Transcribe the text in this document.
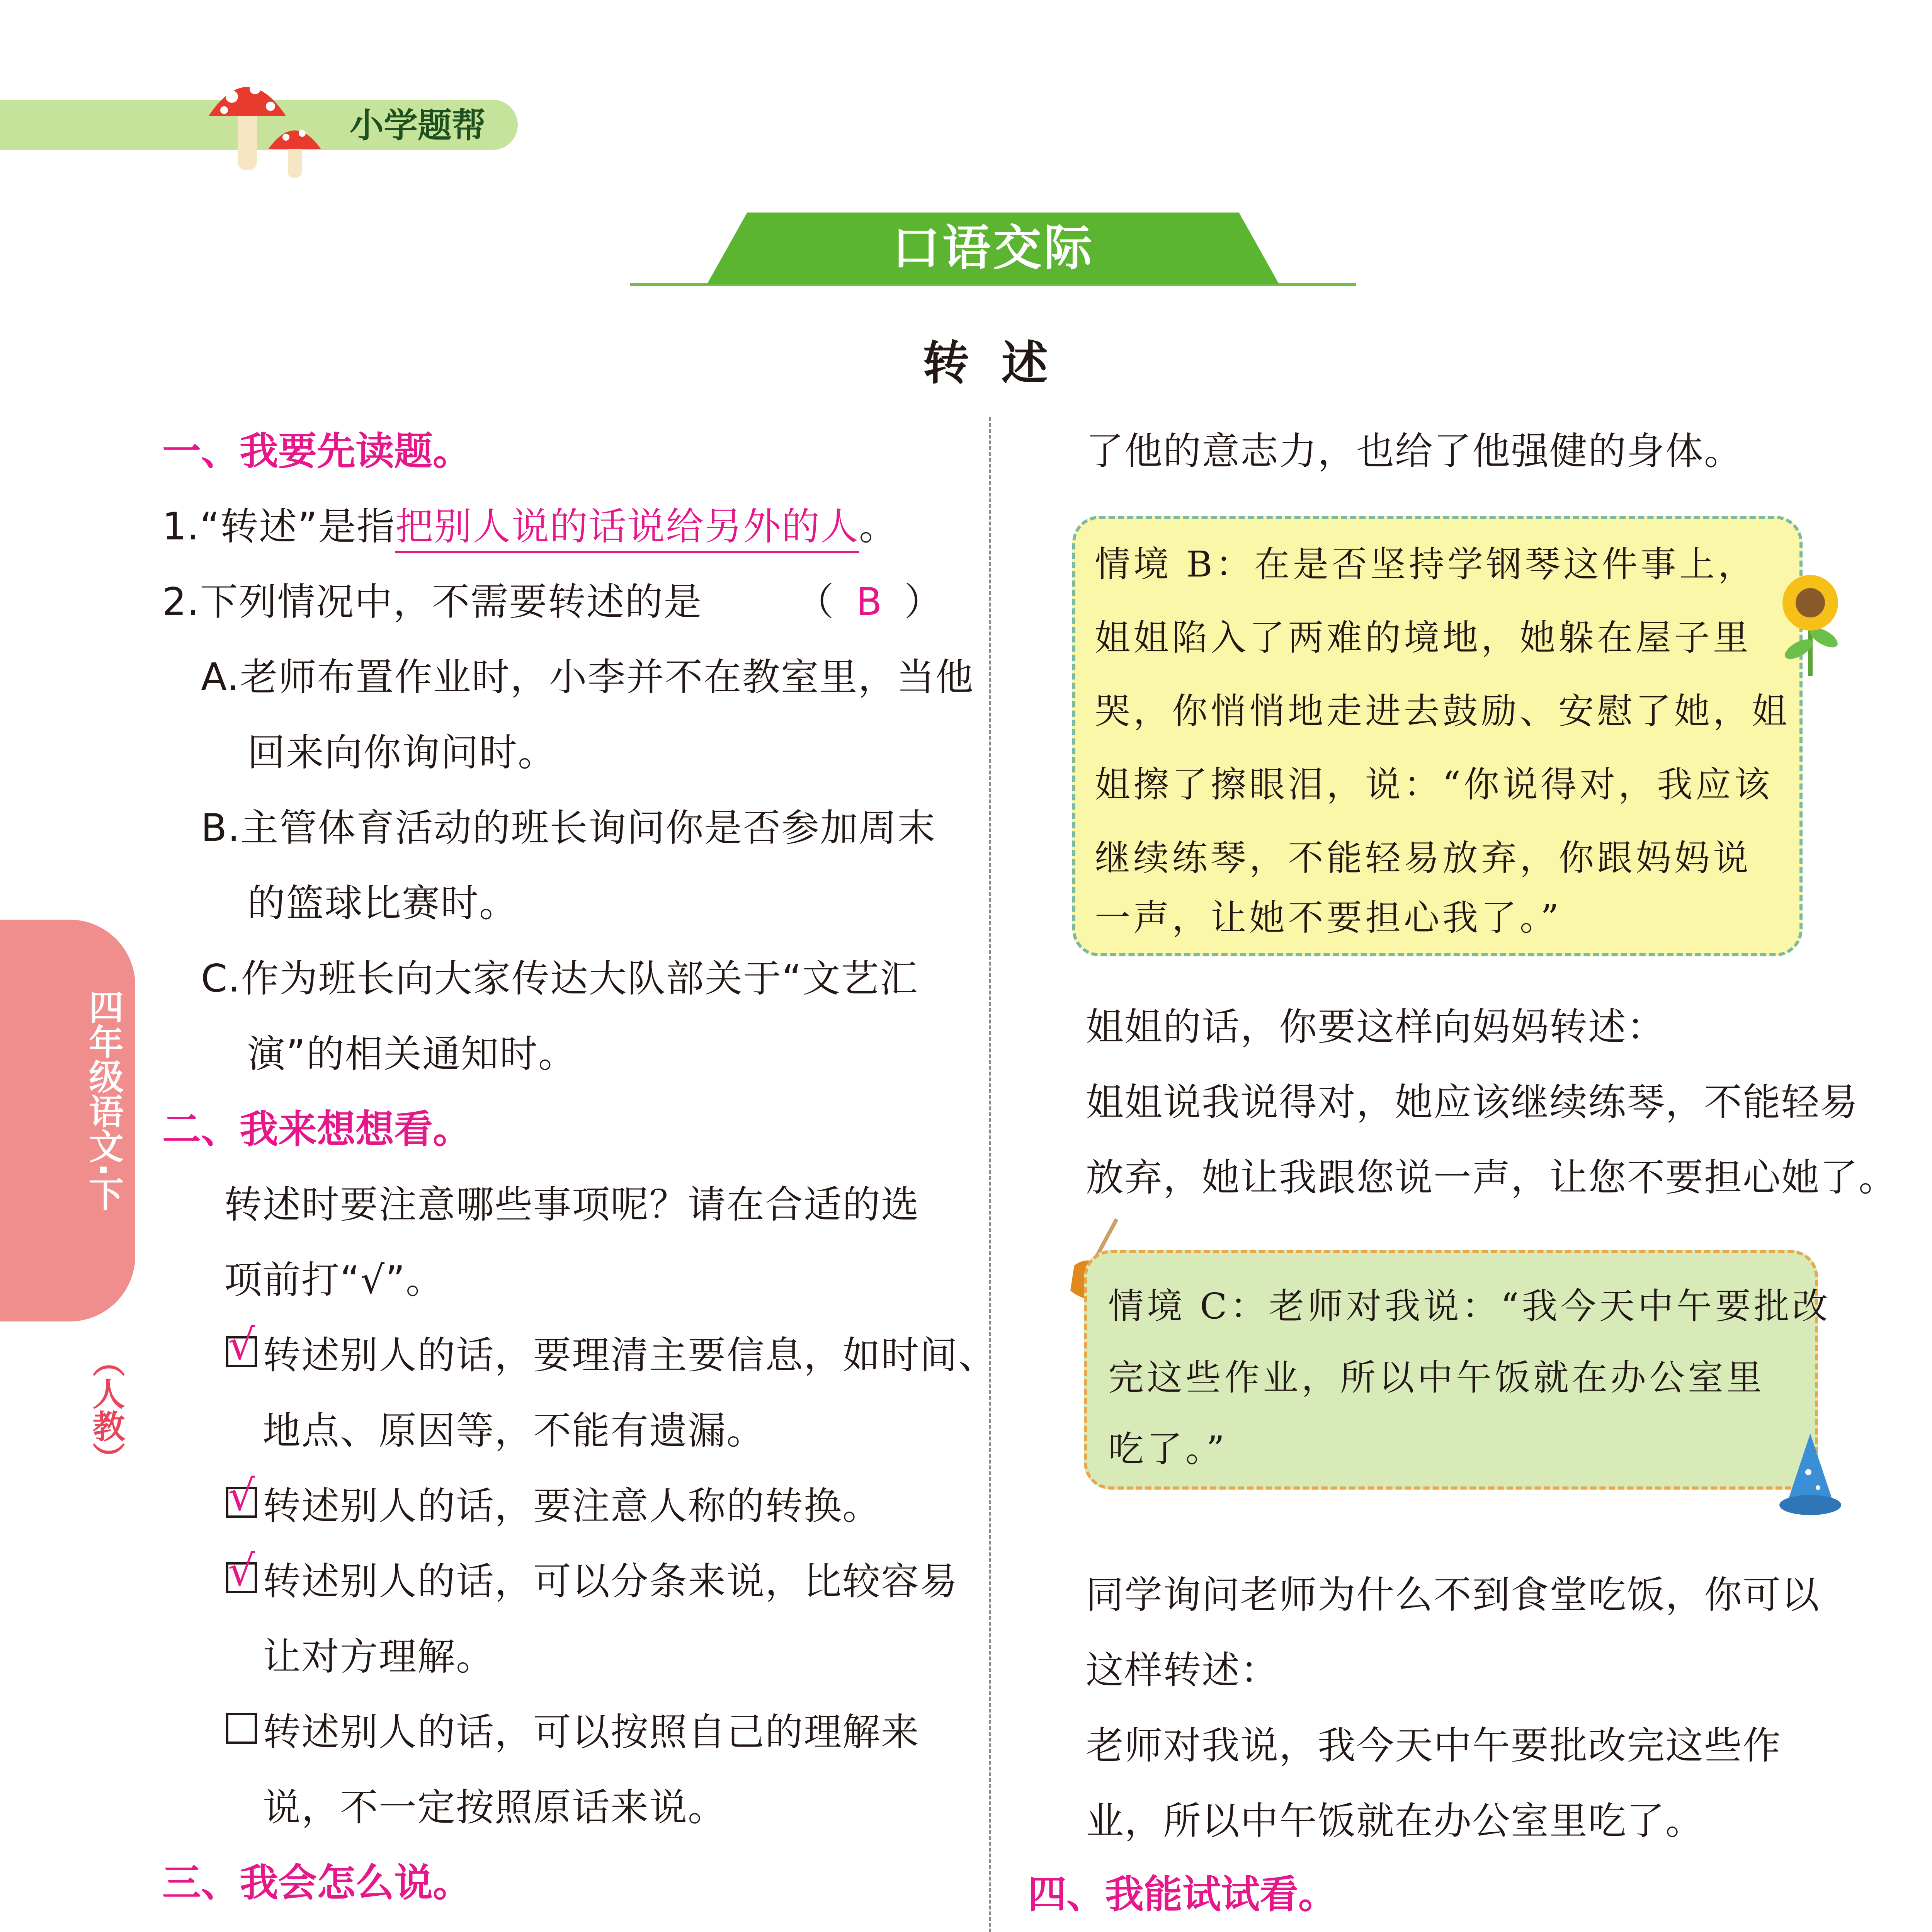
小学题帮
口语交际
转  述
四年级语文·下
（人教）
一、我要先读题。
1.“转述”是指把别人说的话说给另外的人。
2.下列情况中，不需要转述的是 （ B ）
A.老师布置作业时，小李并不在教室里，当他
回来向你询问时。
B.主管体育活动的班长询问你是否参加周末
的篮球比赛时。
C.作为班长向大家传达大队部关于“文艺汇
演”的相关通知时。
二、我来想想看。
转述时要注意哪些事项呢？请在合适的选
项前打“√”。
√ 转述别人的话，要理清主要信息，如时间、
地点、原因等，不能有遗漏。
√ 转述别人的话，要注意人称的转换。
√ 转述别人的话，可以分条来说，比较容易
让对方理解。
转述别人的话，可以按照自己的理解来
说，不一定按照原话来说。
三、我会怎么说。
了他的意志力，也给了他强健的身体。
情境 B：在是否坚持学钢琴这件事上，
姐姐陷入了两难的境地，她躲在屋子里
哭，你悄悄地走进去鼓励、安慰了她，姐
姐擦了擦眼泪，说：“你说得对，我应该
继续练琴，不能轻易放弃，你跟妈妈说
一声，让她不要担心我了。”
姐姐的话，你要这样向妈妈转述：
姐姐说我说得对，她应该继续练琴，不能轻易
放弃，她让我跟您说一声，让您不要担心她了。
情境 C：老师对我说：“我今天中午要批改
完这些作业，所以中午饭就在办公室里
吃了。”
同学询问老师为什么不到食堂吃饭，你可以
这样转述：
老师对我说，我今天中午要批改完这些作
业，所以中午饭就在办公室里吃了。
四、我能试试看。
